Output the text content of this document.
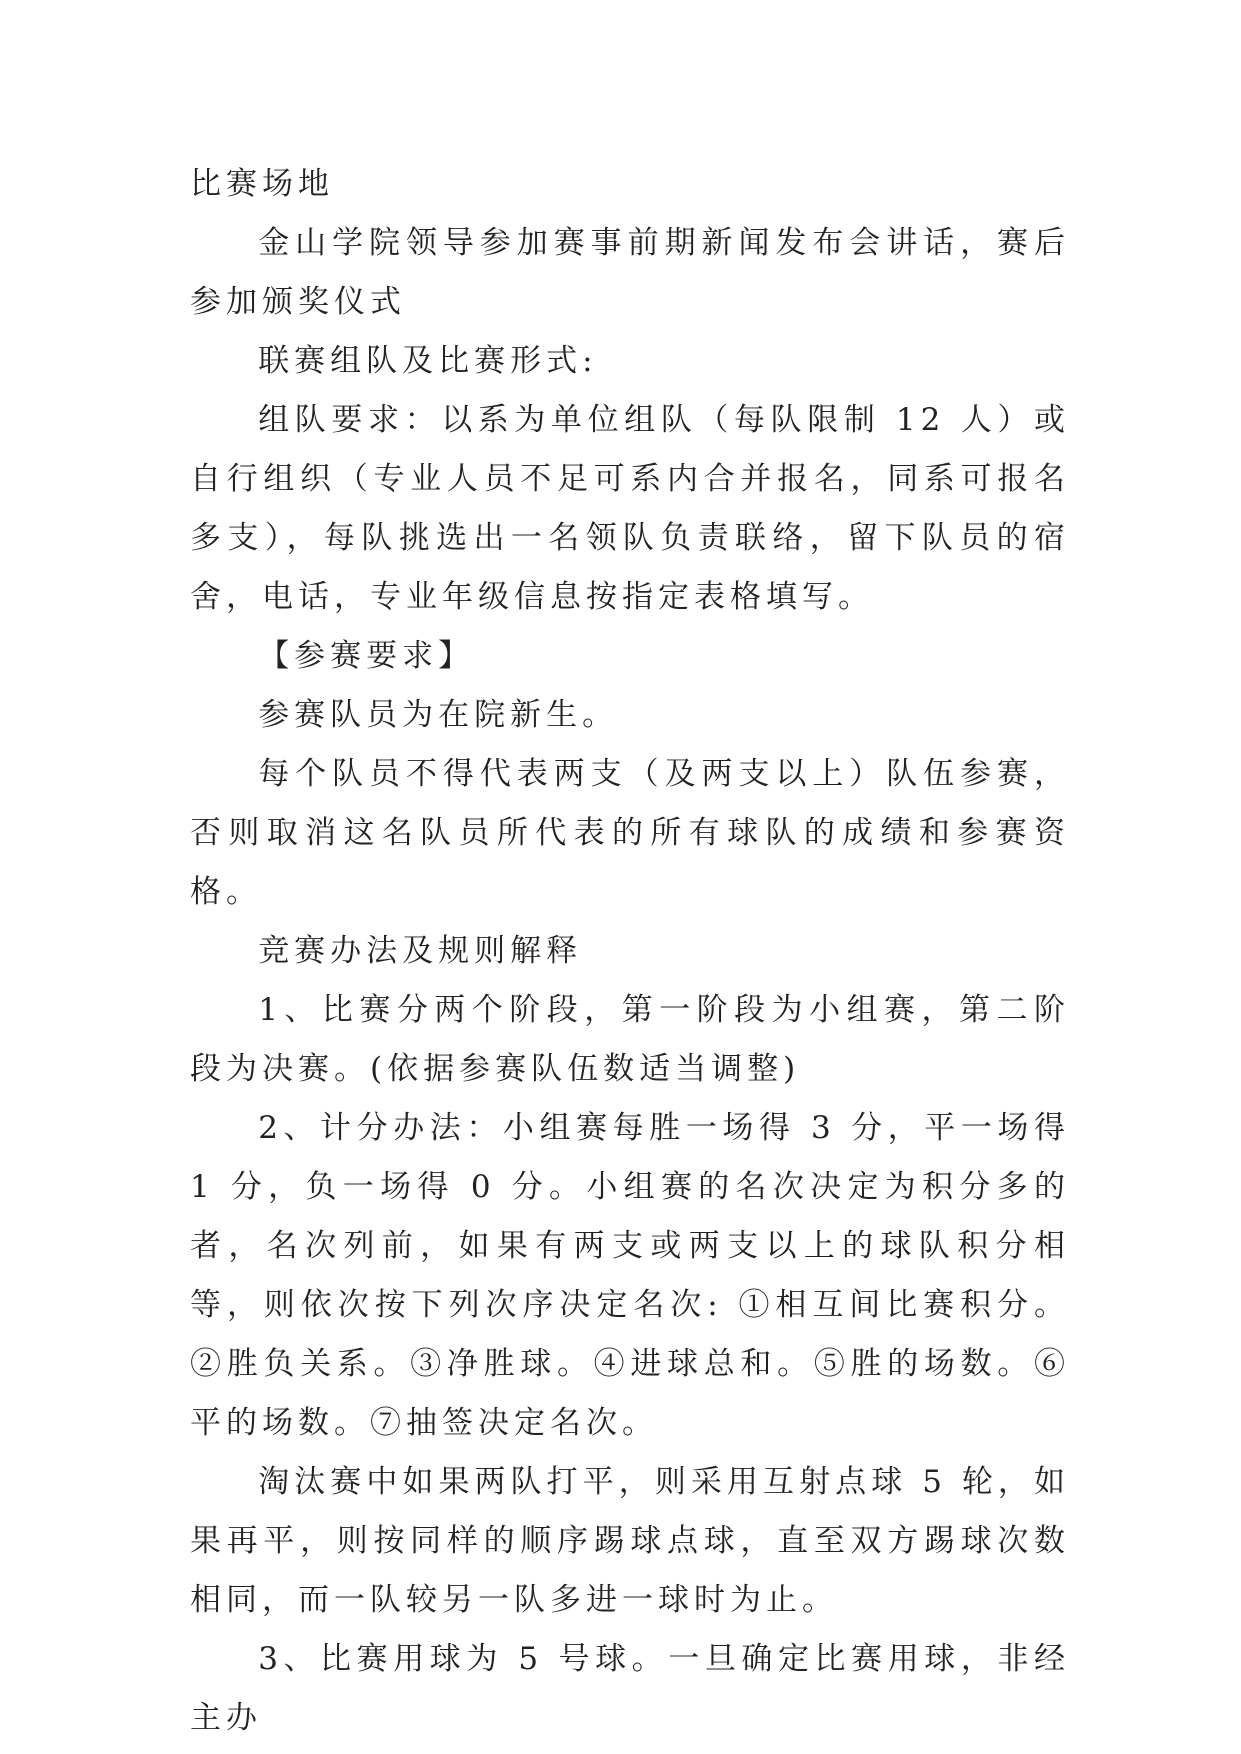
比赛场地

金山学院领导参加赛事前期新闻发布会讲话，赛后参加颁奖仪式

联赛组队及比赛形式:

组队要求：以系为单位组队（每队限制 12 人）或自行组织（专业人员不足可系内合并报名，同系可报名多支），每队挑选出一名领队负责联络，留下队员的宿舍，电话，专业年级信息按指定表格填写。

【参赛要求】

参赛队员为在院新生。

每个队员不得代表两支（及两支以上）队伍参赛，否则取消这名队员所代表的所有球队的成绩和参赛资格。

竞赛办法及规则解释

1、比赛分两个阶段，第一阶段为小组赛，第二阶段为决赛。(依据参赛队伍数适当调整)

2、计分办法：小组赛每胜一场得 3 分，平一场得 1 分，负一场得 0 分。小组赛的名次决定为积分多的者，名次列前，如果有两支或两支以上的球队积分相等，则依次按下列次序决定名次: ①相互间比赛积分。②胜负关系。③净胜球。④进球总和。⑤胜的场数。⑥平的场数。⑦抽签决定名次。

淘汰赛中如果两队打平，则采用互射点球 5 轮，如果再平，则按同样的顺序踢球点球，直至双方踢球次数相同，而一队较另一队多进一球时为止。

3、比赛用球为 5 号球。一旦确定比赛用球，非经主办
